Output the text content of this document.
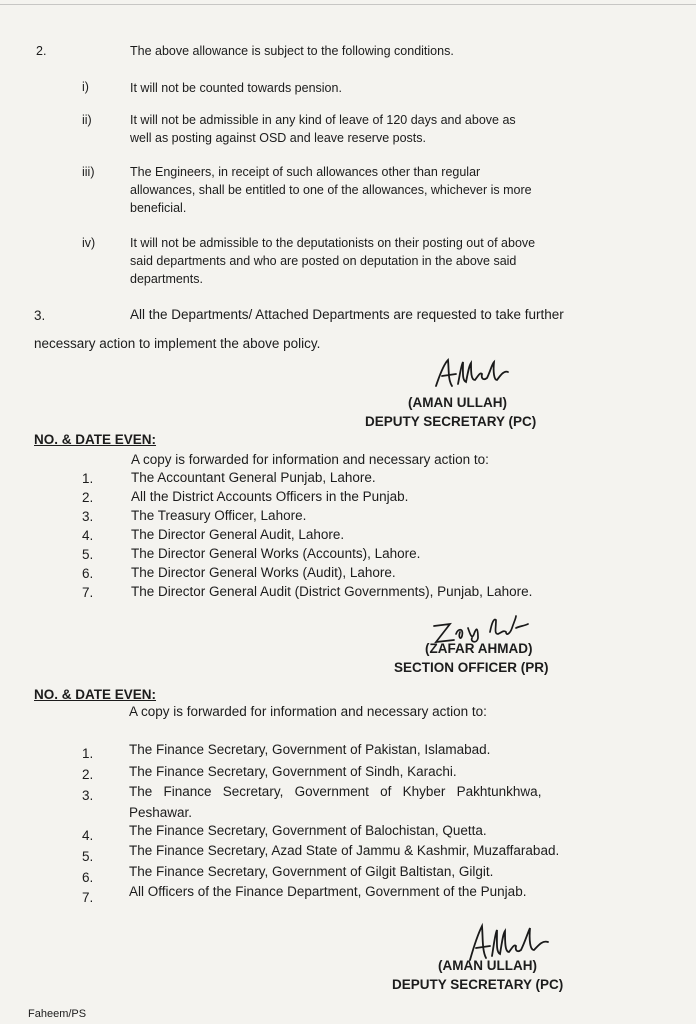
2.	The above allowance is subject to the following conditions.
i)	It will not be counted towards pension.
ii)	It will not be admissible in any kind of leave of 120 days and above as
well as posting against OSD and leave reserve posts.
iii)	The Engineers, in receipt of such allowances other than regular
allowances, shall be entitled to one of the allowances, whichever is more
beneficial.
iv)	It will not be admissible to the deputationists on their posting out of above
said departments and who are posted on deputation in the above said
departments.
3.	All the Departments/ Attached Departments are requested to take further
necessary action to implement the above policy.
(AMAN ULLAH)
DEPUTY SECRETARY (PC)
NO. & DATE EVEN:
A copy is forwarded for information and necessary action to:
1.	The Accountant General Punjab, Lahore.
2.	All the District Accounts Officers in the Punjab.
3.	The Treasury Officer, Lahore.
4.	The Director General Audit, Lahore.
5.	The Director General Works (Accounts), Lahore.
6.	The Director General Works (Audit), Lahore.
7.	The Director General Audit (District Governments), Punjab, Lahore.
(ZAFAR AHMAD)
SECTION OFFICER (PR)
NO. & DATE EVEN:
A copy is forwarded for information and necessary action to:
1.	The Finance Secretary, Government of Pakistan, Islamabad.
2.	The Finance Secretary, Government of Sindh, Karachi.
3.	The   Finance   Secretary,   Government   of   Khyber   Pakhtunkhwa,
Peshawar.
4.	The Finance Secretary, Government of Balochistan, Quetta.
5.	The Finance Secretary, Azad State of Jammu & Kashmir, Muzaffarabad.
6.	The Finance Secretary, Government of Gilgit Baltistan, Gilgit.
7.	All Officers of the Finance Department, Government of the Punjab.
(AMAN ULLAH)
DEPUTY SECRETARY (PC)
Faheem/PS
